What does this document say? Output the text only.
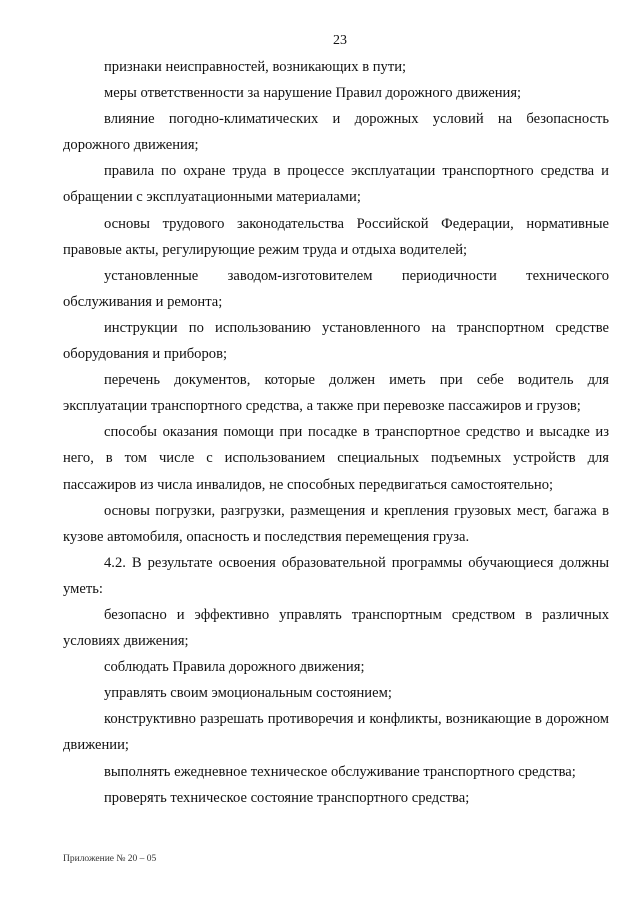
23

признаки неисправностей, возникающих в пути;

меры ответственности за нарушение Правил дорожного движения;

влияние погодно-климатических и дорожных условий на безопасность дорожного движения;

правила по охране труда в процессе эксплуатации транспортного средства и обращении с эксплуатационными материалами;

основы трудового законодательства Российской Федерации, нормативные правовые акты, регулирующие режим труда и отдыха водителей;

установленные заводом-изготовителем периодичности технического обслуживания и ремонта;

инструкции по использованию установленного на транспортном средстве оборудования и приборов;

перечень документов, которые должен иметь при себе водитель для эксплуатации транспортного средства, а также при перевозке пассажиров и грузов;

способы оказания помощи при посадке в транспортное средство и высадке из него, в том числе с использованием специальных подъемных устройств для пассажиров из числа инвалидов, не способных передвигаться самостоятельно;

основы погрузки, разгрузки, размещения и крепления грузовых мест, багажа в кузове автомобиля, опасность и последствия перемещения груза.

4.2. В результате освоения образовательной программы обучающиеся должны уметь:

безопасно и эффективно управлять транспортным средством в различных условиях движения;

соблюдать Правила дорожного движения;

управлять своим эмоциональным состоянием;

конструктивно разрешать противоречия и конфликты, возникающие в дорожном движении;

выполнять ежедневное техническое обслуживание транспортного средства;

проверять техническое состояние транспортного средства;

Приложение № 20 – 05
